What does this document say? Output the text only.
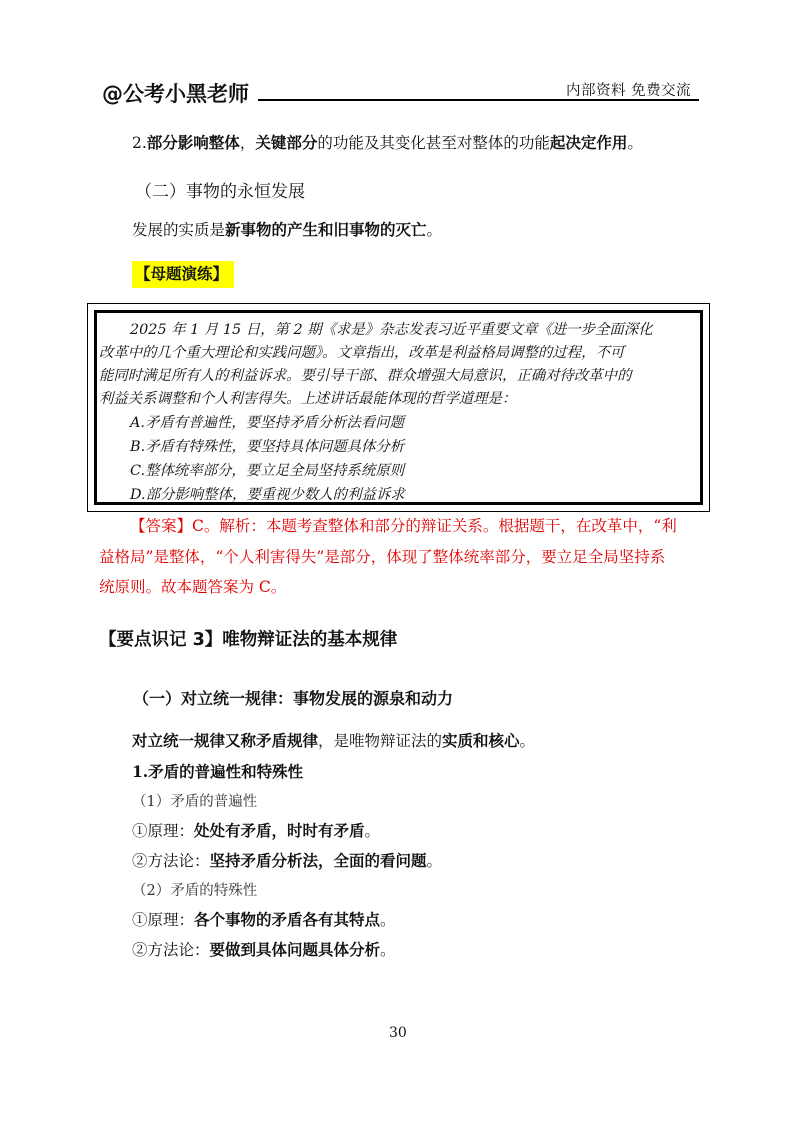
@公考小黑老师	内部资料 免费交流
2.部分影响整体，关键部分的功能及其变化甚至对整体的功能起决定作用。
（二）事物的永恒发展
发展的实质是新事物的产生和旧事物的灭亡。
【母题演练】
2025 年 1 月 15 日，第 2 期《求是》杂志发表习近平重要文章《进一步全面深化
改革中的几个重大理论和实践问题》。文章指出，改革是利益格局调整的过程，不可
能同时满足所有人的利益诉求。要引导干部、群众增强大局意识，正确对待改革中的
利益关系调整和个人利害得失。上述讲话最能体现的哲学道理是：
A.矛盾有普遍性，要坚持矛盾分析法看问题
B.矛盾有特殊性，要坚持具体问题具体分析
C.整体统率部分，要立足全局坚持系统原则
D.部分影响整体，要重视少数人的利益诉求
【答案】C。解析：本题考查整体和部分的辩证关系。根据题干，在改革中，“利
益格局”是整体，“个人利害得失”是部分，体现了整体统率部分，要立足全局坚持系
统原则。故本题答案为 C。
【要点识记 3】唯物辩证法的基本规律
（一）对立统一规律：事物发展的源泉和动力
对立统一规律又称矛盾规律，是唯物辩证法的实质和核心。
1.矛盾的普遍性和特殊性
（1）矛盾的普遍性
①原理：处处有矛盾，时时有矛盾。
②方法论：坚持矛盾分析法，全面的看问题。
（2）矛盾的特殊性
①原理：各个事物的矛盾各有其特点。
②方法论：要做到具体问题具体分析。
30
